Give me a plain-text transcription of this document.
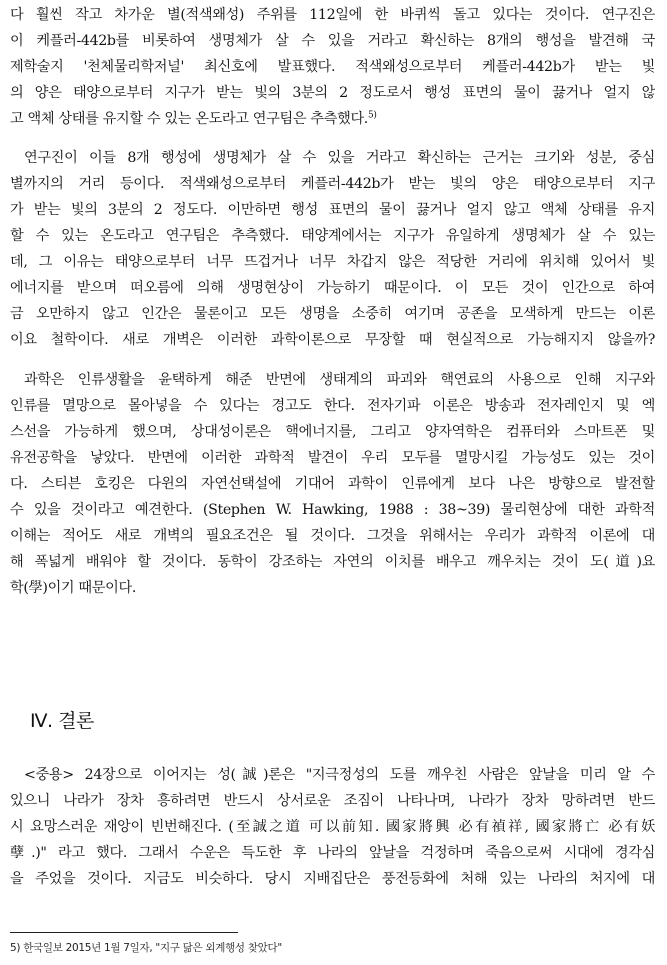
다 훨씬 작고 차가운 별(적색왜성) 주위를 112일에 한 바퀴씩 돌고 있다는 것이다. 연구진은
이 케플러-442b를 비롯하여 생명체가 살 수 있을 거라고 확신하는 8개의 행성을 발견해 국
제학술지 '천체물리학저널' 최신호에 발표했다. 적색왜성으로부터 케플러-442b가 받는 빛
의 양은 태양으로부터 지구가 받는 빛의 3분의 2 정도로서 행성 표면의 물이 끓거나 얼지 않
고 액체 상태를 유지할 수 있는 온도라고 연구팀은 추측했다.$^{5)}$
연구진이 이들 8개 행성에 생명체가 살 수 있을 거라고 확신하는 근거는 크기와 성분, 중심
별까지의 거리 등이다. 적색왜성으로부터 케플러-442b가 받는 빛의 양은 태양으로부터 지구
가 받는 빛의 3분의 2 정도다. 이만하면 행성 표면의 물이 끓거나 얼지 않고 액체 상태를 유지
할 수 있는 온도라고 연구팀은 추측했다. 태양계에서는 지구가 유일하게 생명체가 살 수 있는
데, 그 이유는 태양으로부터 너무 뜨겁거나 너무 차갑지 않은 적당한 거리에 위치해 있어서 빛
에너지를 받으며 떠오름에 의해 생명현상이 가능하기 때문이다. 이 모든 것이 인간으로 하여
금 오만하지 않고 인간은 물론이고 모든 생명을 소중히 여기며 공존을 모색하게 만드는 이론
이요 철학이다. 새로 개벽은 이러한 과학이론으로 무장할 때 현실적으로 가능해지지 않을까?
과학은 인류생활을 윤택하게 해준 반면에 생태계의 파괴와 핵연료의 사용으로 인해 지구와
인류를 멸망으로 몰아넣을 수 있다는 경고도 한다. 전자기파 이론은 방송과 전자레인지 및 엑
스선을 가능하게 했으며, 상대성이론은 핵에너지를, 그리고 양자역학은 컴퓨터와 스마트폰 및
유전공학을 낳았다. 반면에 이러한 과학적 발견이 우리 모두를 멸망시킬 가능성도 있는 것이
다. 스티븐 호킹은 다윈의 자연선택설에 기대어 과학이 인류에게 보다 나은 방향으로 발전할
수 있을 것이라고 예견한다. (Stephen W. Hawking, 1988 : 38~39) 물리현상에 대한 과학적
이해는 적어도 새로 개벽의 필요조건은 될 것이다. 그것을 위해서는 우리가 과학적 이론에 대
해 폭넓게 배워야 할 것이다. 동학이 강조하는 자연의 이치를 배우고 깨우치는 것이 도(道)요
학(學)이기 때문이다.
Ⅳ. 결론
<중용> 24장으로 이어지는 성(誠)론은 "지극정성의 도를 깨우친 사람은 앞날을 미리 알 수
있으니 나라가 장차 흥하려면 반드시 상서로운 조짐이 나타나며, 나라가 장차 망하려면 반드
시 요망스러운 재앙이 빈번해진다. (至誠之道 可以前知. 國家將興 必有禎祥, 國家將亡 必有妖
孽.)" 라고 했다. 그래서 수운은 득도한 후 나라의 앞날을 걱정하며 죽음으로써 시대에 경각심
을 주었을 것이다. 지금도 비슷하다. 당시 지배집단은 풍전등화에 처해 있는 나라의 처지에 대

5) 한국일보 2015년 1월 7일자, "지구 닮은 외계행성 찾았다"
